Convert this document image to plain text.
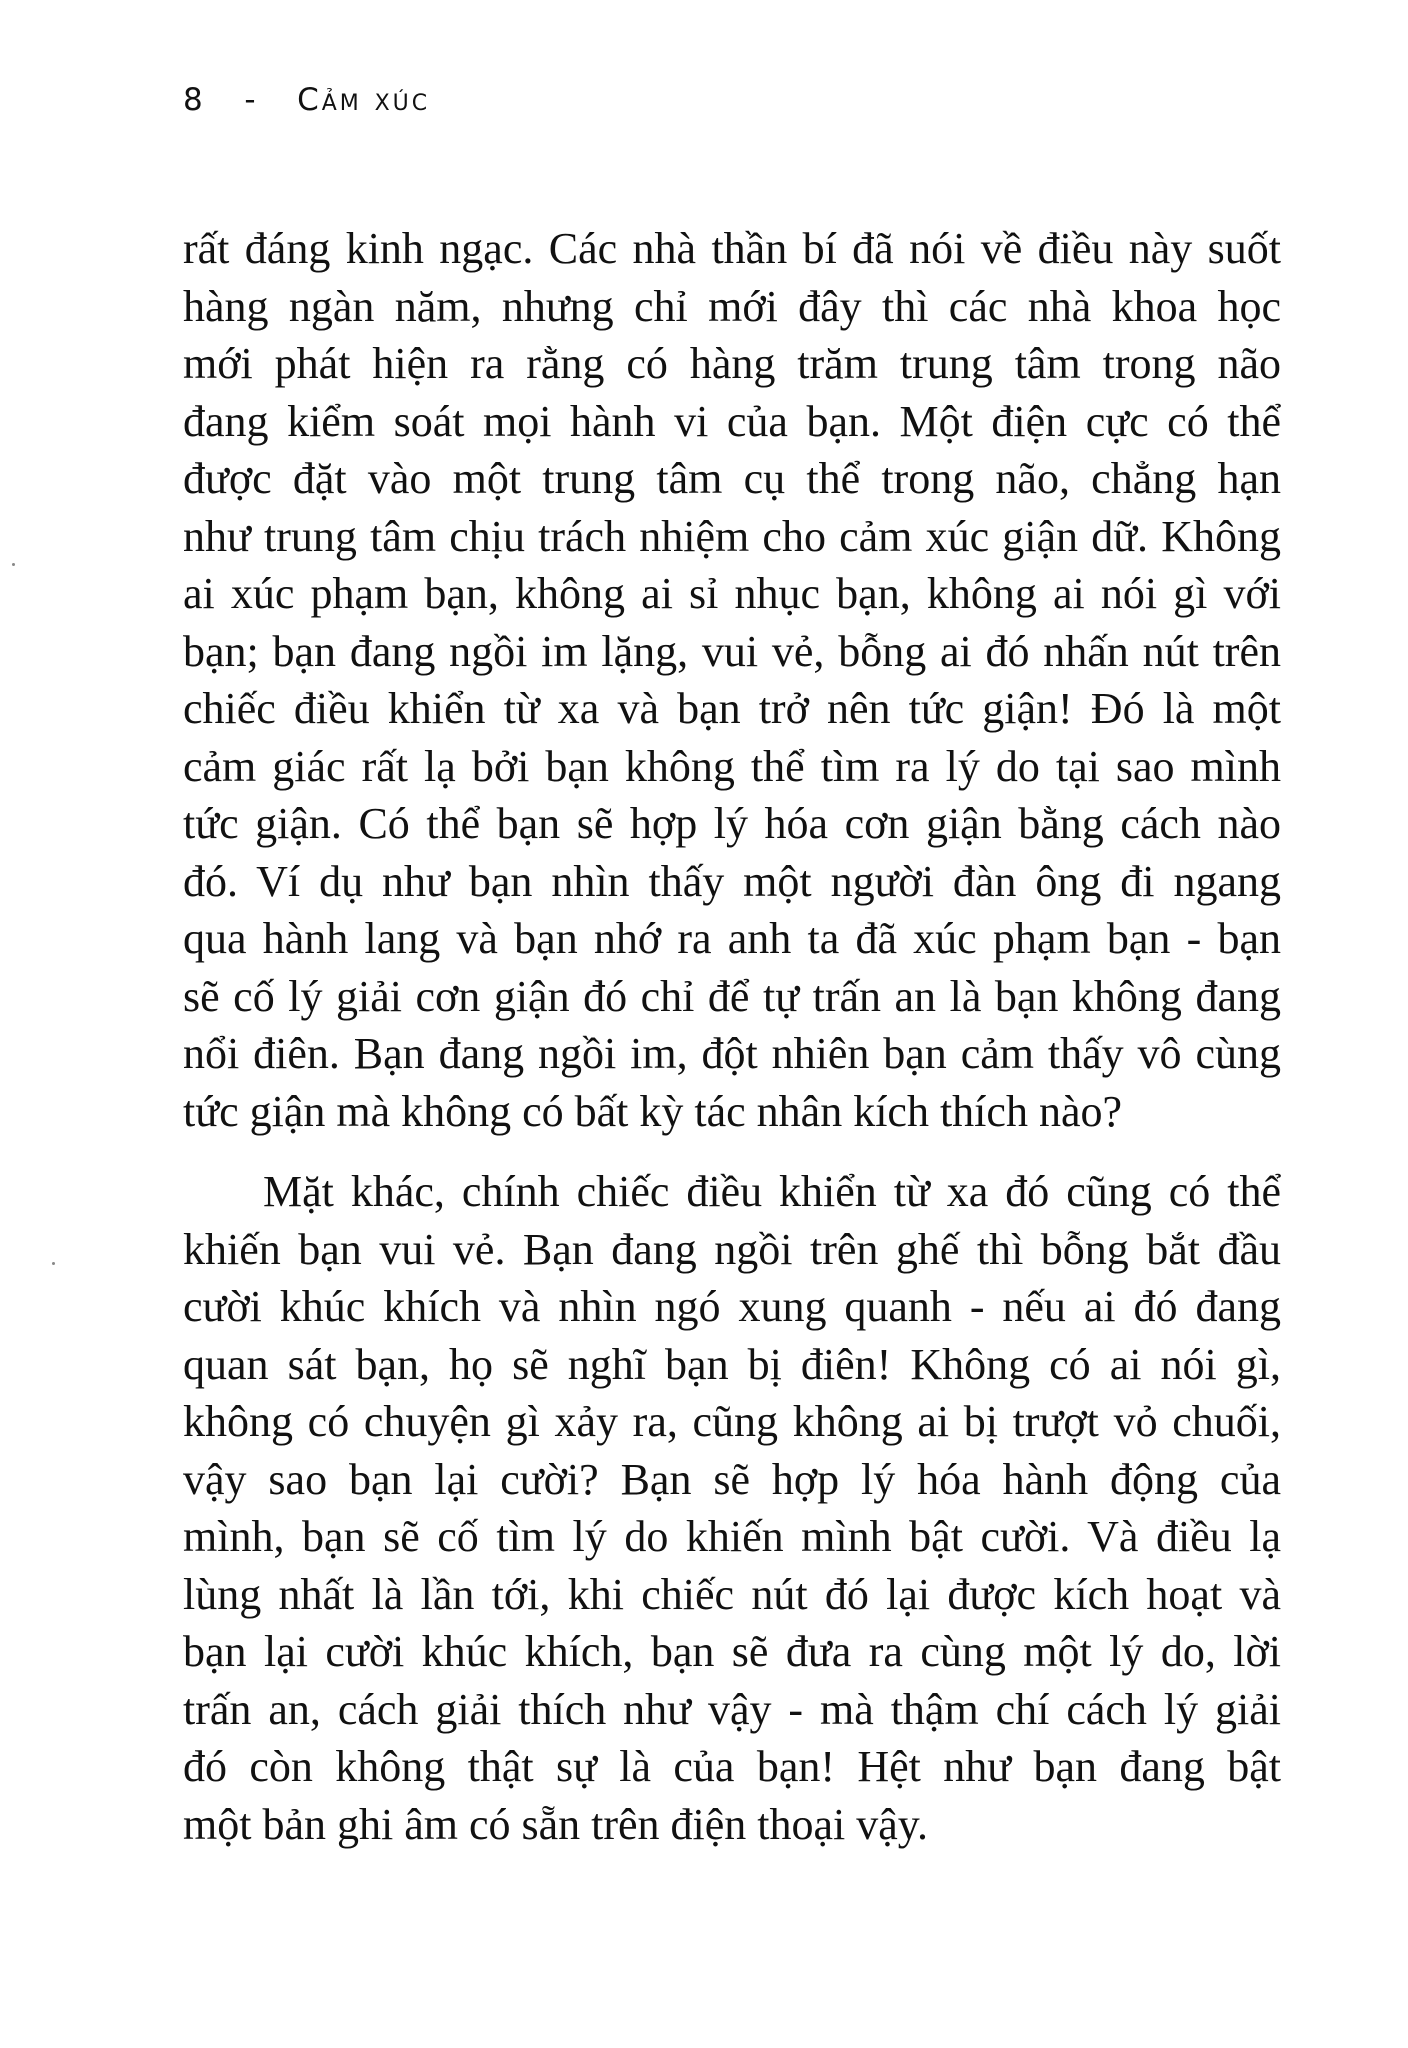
8 - Cảm xúc

rất đáng kinh ngạc. Các nhà thần bí đã nói về điều này suốt
hàng ngàn năm, nhưng chỉ mới đây thì các nhà khoa học
mới phát hiện ra rằng có hàng trăm trung tâm trong não
đang kiểm soát mọi hành vi của bạn. Một điện cực có thể
được đặt vào một trung tâm cụ thể trong não, chẳng hạn
như trung tâm chịu trách nhiệm cho cảm xúc giận dữ. Không
ai xúc phạm bạn, không ai sỉ nhục bạn, không ai nói gì với
bạn; bạn đang ngồi im lặng, vui vẻ, bỗng ai đó nhấn nút trên
chiếc điều khiển từ xa và bạn trở nên tức giận! Đó là một
cảm giác rất lạ bởi bạn không thể tìm ra lý do tại sao mình
tức giận. Có thể bạn sẽ hợp lý hóa cơn giận bằng cách nào
đó. Ví dụ như bạn nhìn thấy một người đàn ông đi ngang
qua hành lang và bạn nhớ ra anh ta đã xúc phạm bạn - bạn
sẽ cố lý giải cơn giận đó chỉ để tự trấn an là bạn không đang
nổi điên. Bạn đang ngồi im, đột nhiên bạn cảm thấy vô cùng
tức giận mà không có bất kỳ tác nhân kích thích nào?

Mặt khác, chính chiếc điều khiển từ xa đó cũng có thể
khiến bạn vui vẻ. Bạn đang ngồi trên ghế thì bỗng bắt đầu
cười khúc khích và nhìn ngó xung quanh - nếu ai đó đang
quan sát bạn, họ sẽ nghĩ bạn bị điên! Không có ai nói gì,
không có chuyện gì xảy ra, cũng không ai bị trượt vỏ chuối,
vậy sao bạn lại cười? Bạn sẽ hợp lý hóa hành động của
mình, bạn sẽ cố tìm lý do khiến mình bật cười. Và điều lạ
lùng nhất là lần tới, khi chiếc nút đó lại được kích hoạt và
bạn lại cười khúc khích, bạn sẽ đưa ra cùng một lý do, lời
trấn an, cách giải thích như vậy - mà thậm chí cách lý giải
đó còn không thật sự là của bạn! Hệt như bạn đang bật
một bản ghi âm có sẵn trên điện thoại vậy.
